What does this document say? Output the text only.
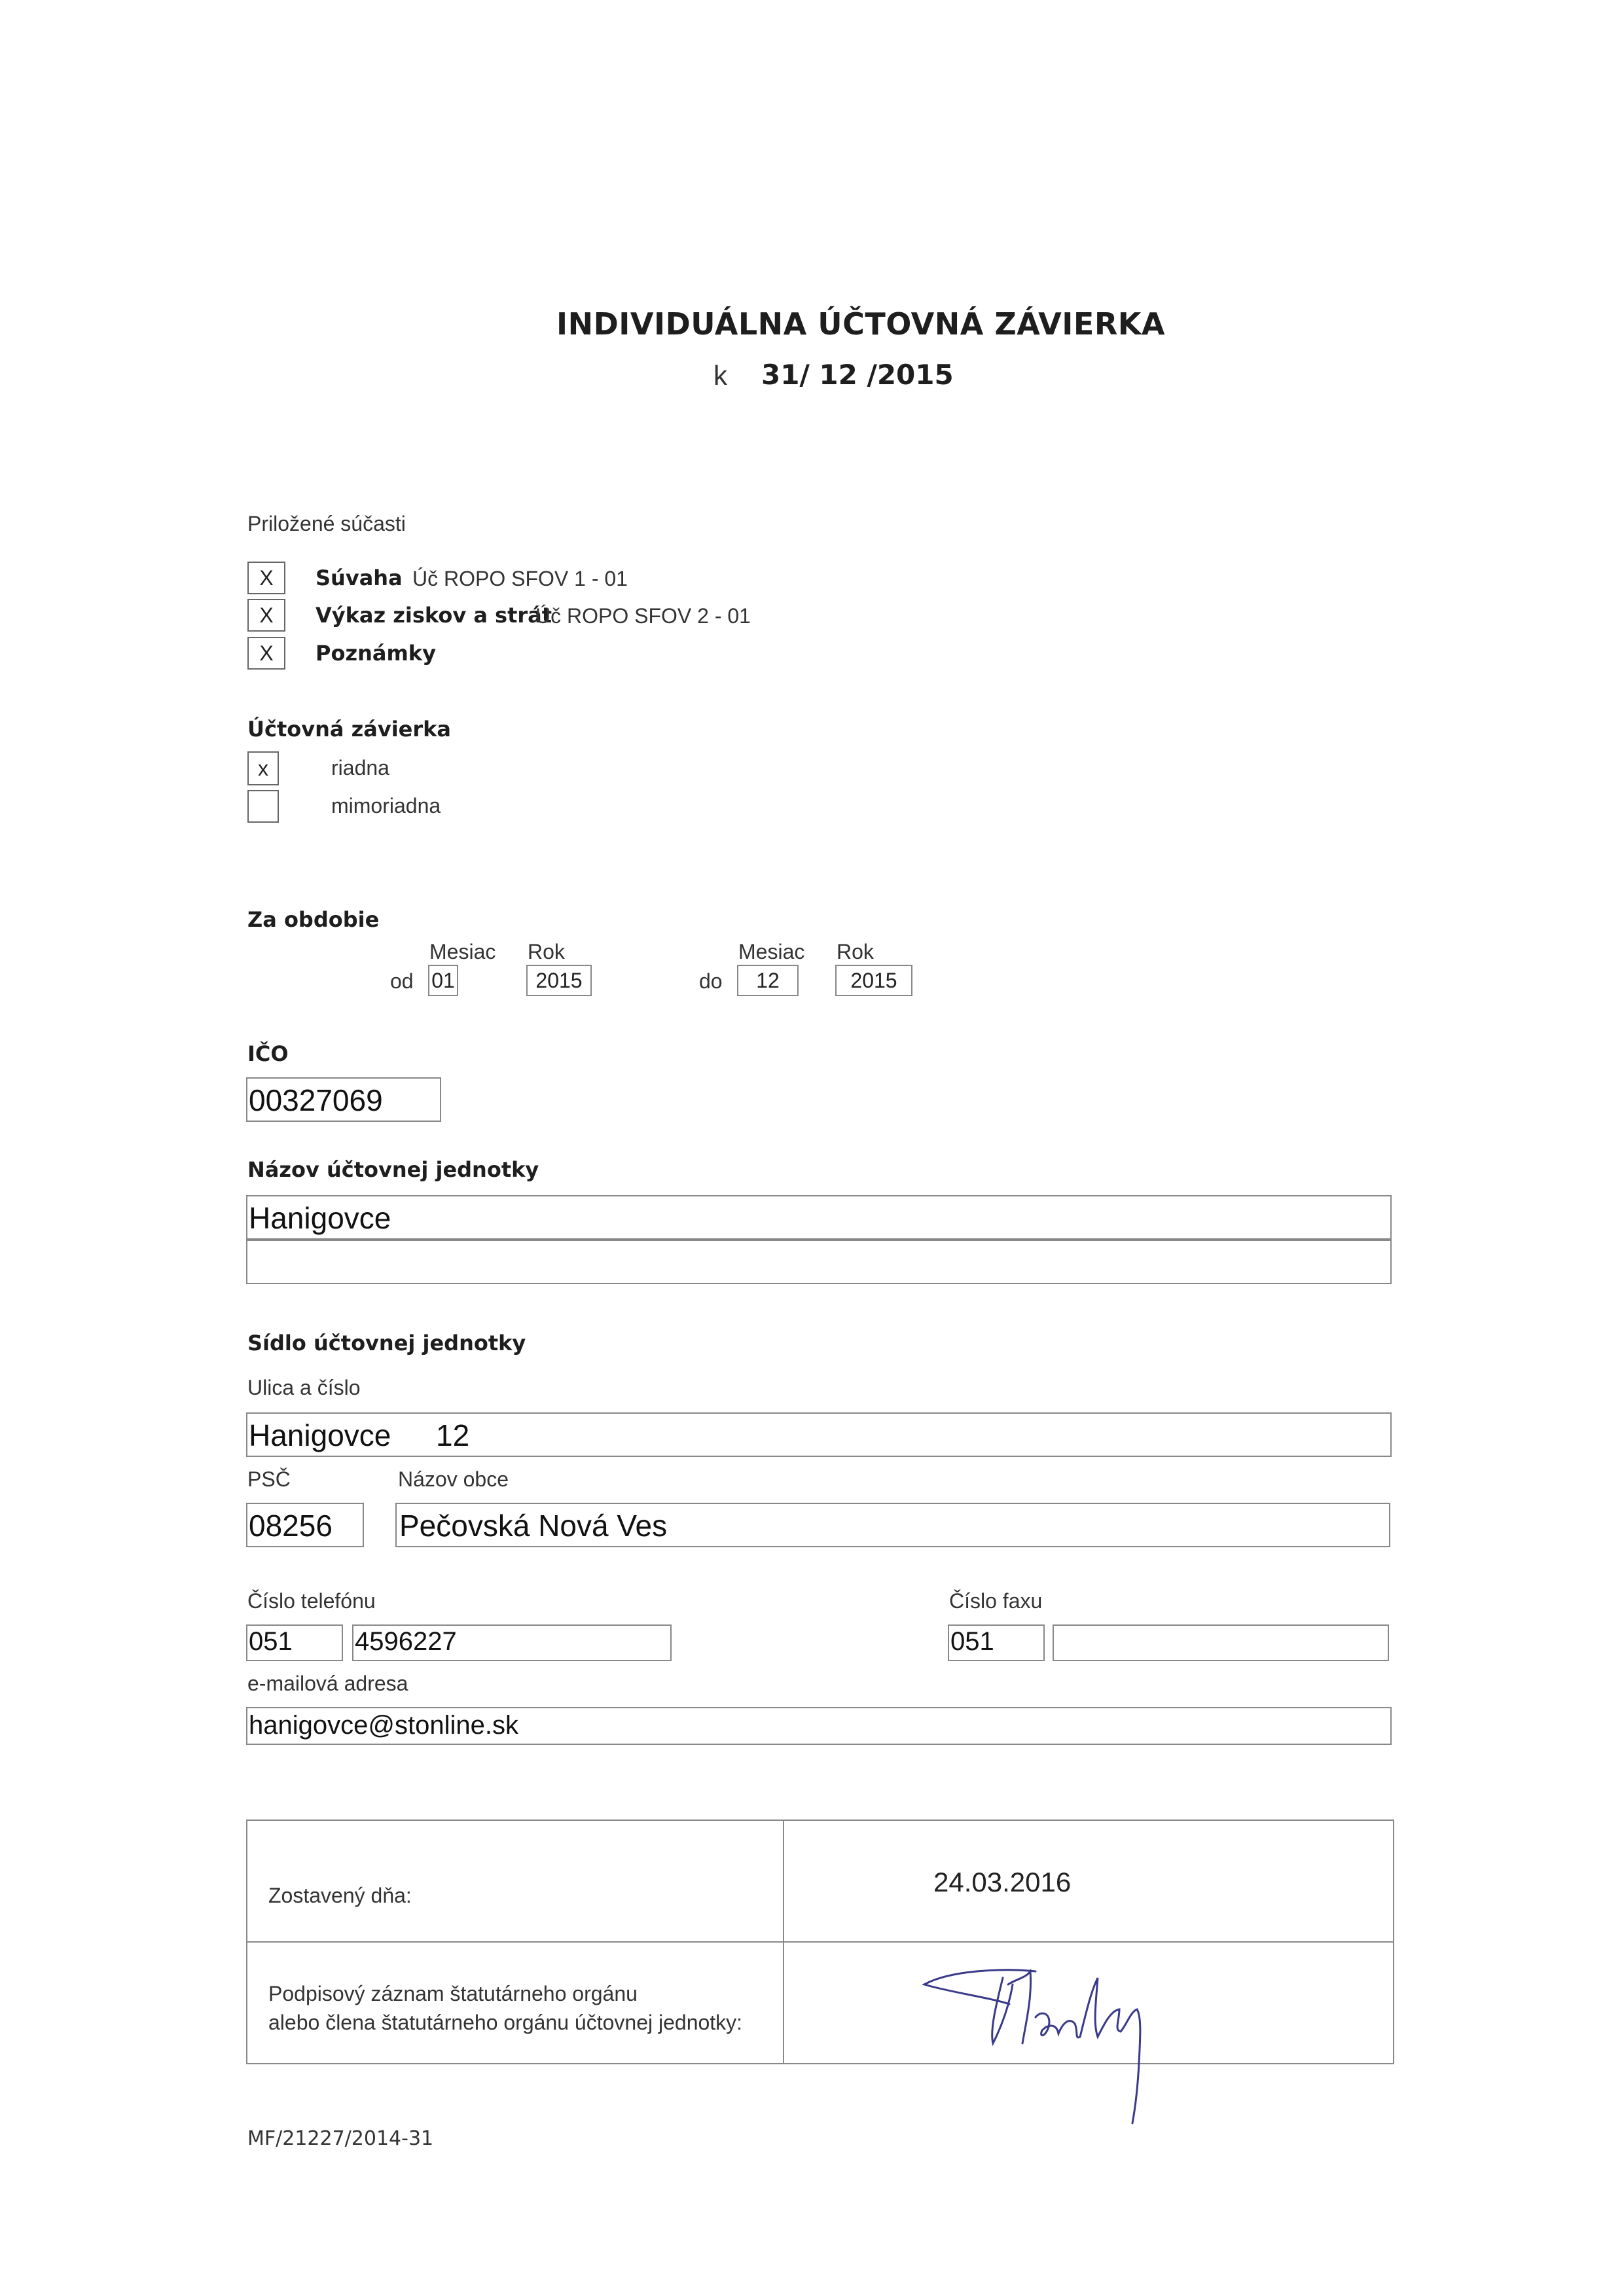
INDIVIDUÁLNA ÚČTOVNÁ ZÁVIERKA
k 31/ 12 /2015
Priložené súčasti
X	Súvaha Úč ROPO SFOV 1 - 01
X	Výkaz ziskov a strát
Úč ROPO SFOV 2 - 01
X	Poznámky
Účtovná závierka
x	riadna
mimoriadna
Za obdobie
Mesiac Rok	Mesiac Rok
od 01	2015	do	12	2015
IČO
00327069
Názov účtovnej jednotky
Hanigovce
Sídlo účtovnej jednotky
Ulica a číslo
Hanigovce 12
PSČ	Názov obce
08256 Pečovská Nová Ves
Číslo telefónu	Číslo faxu
051 4596227	051
e-mailová adresa
hanigovce@stonline.sk
Zostavený dňa:	24.03.2016
Podpisový záznam štatutárneho orgánu
alebo člena štatutárneho orgánu účtovnej jednotky:
MF/21227/2014-31
